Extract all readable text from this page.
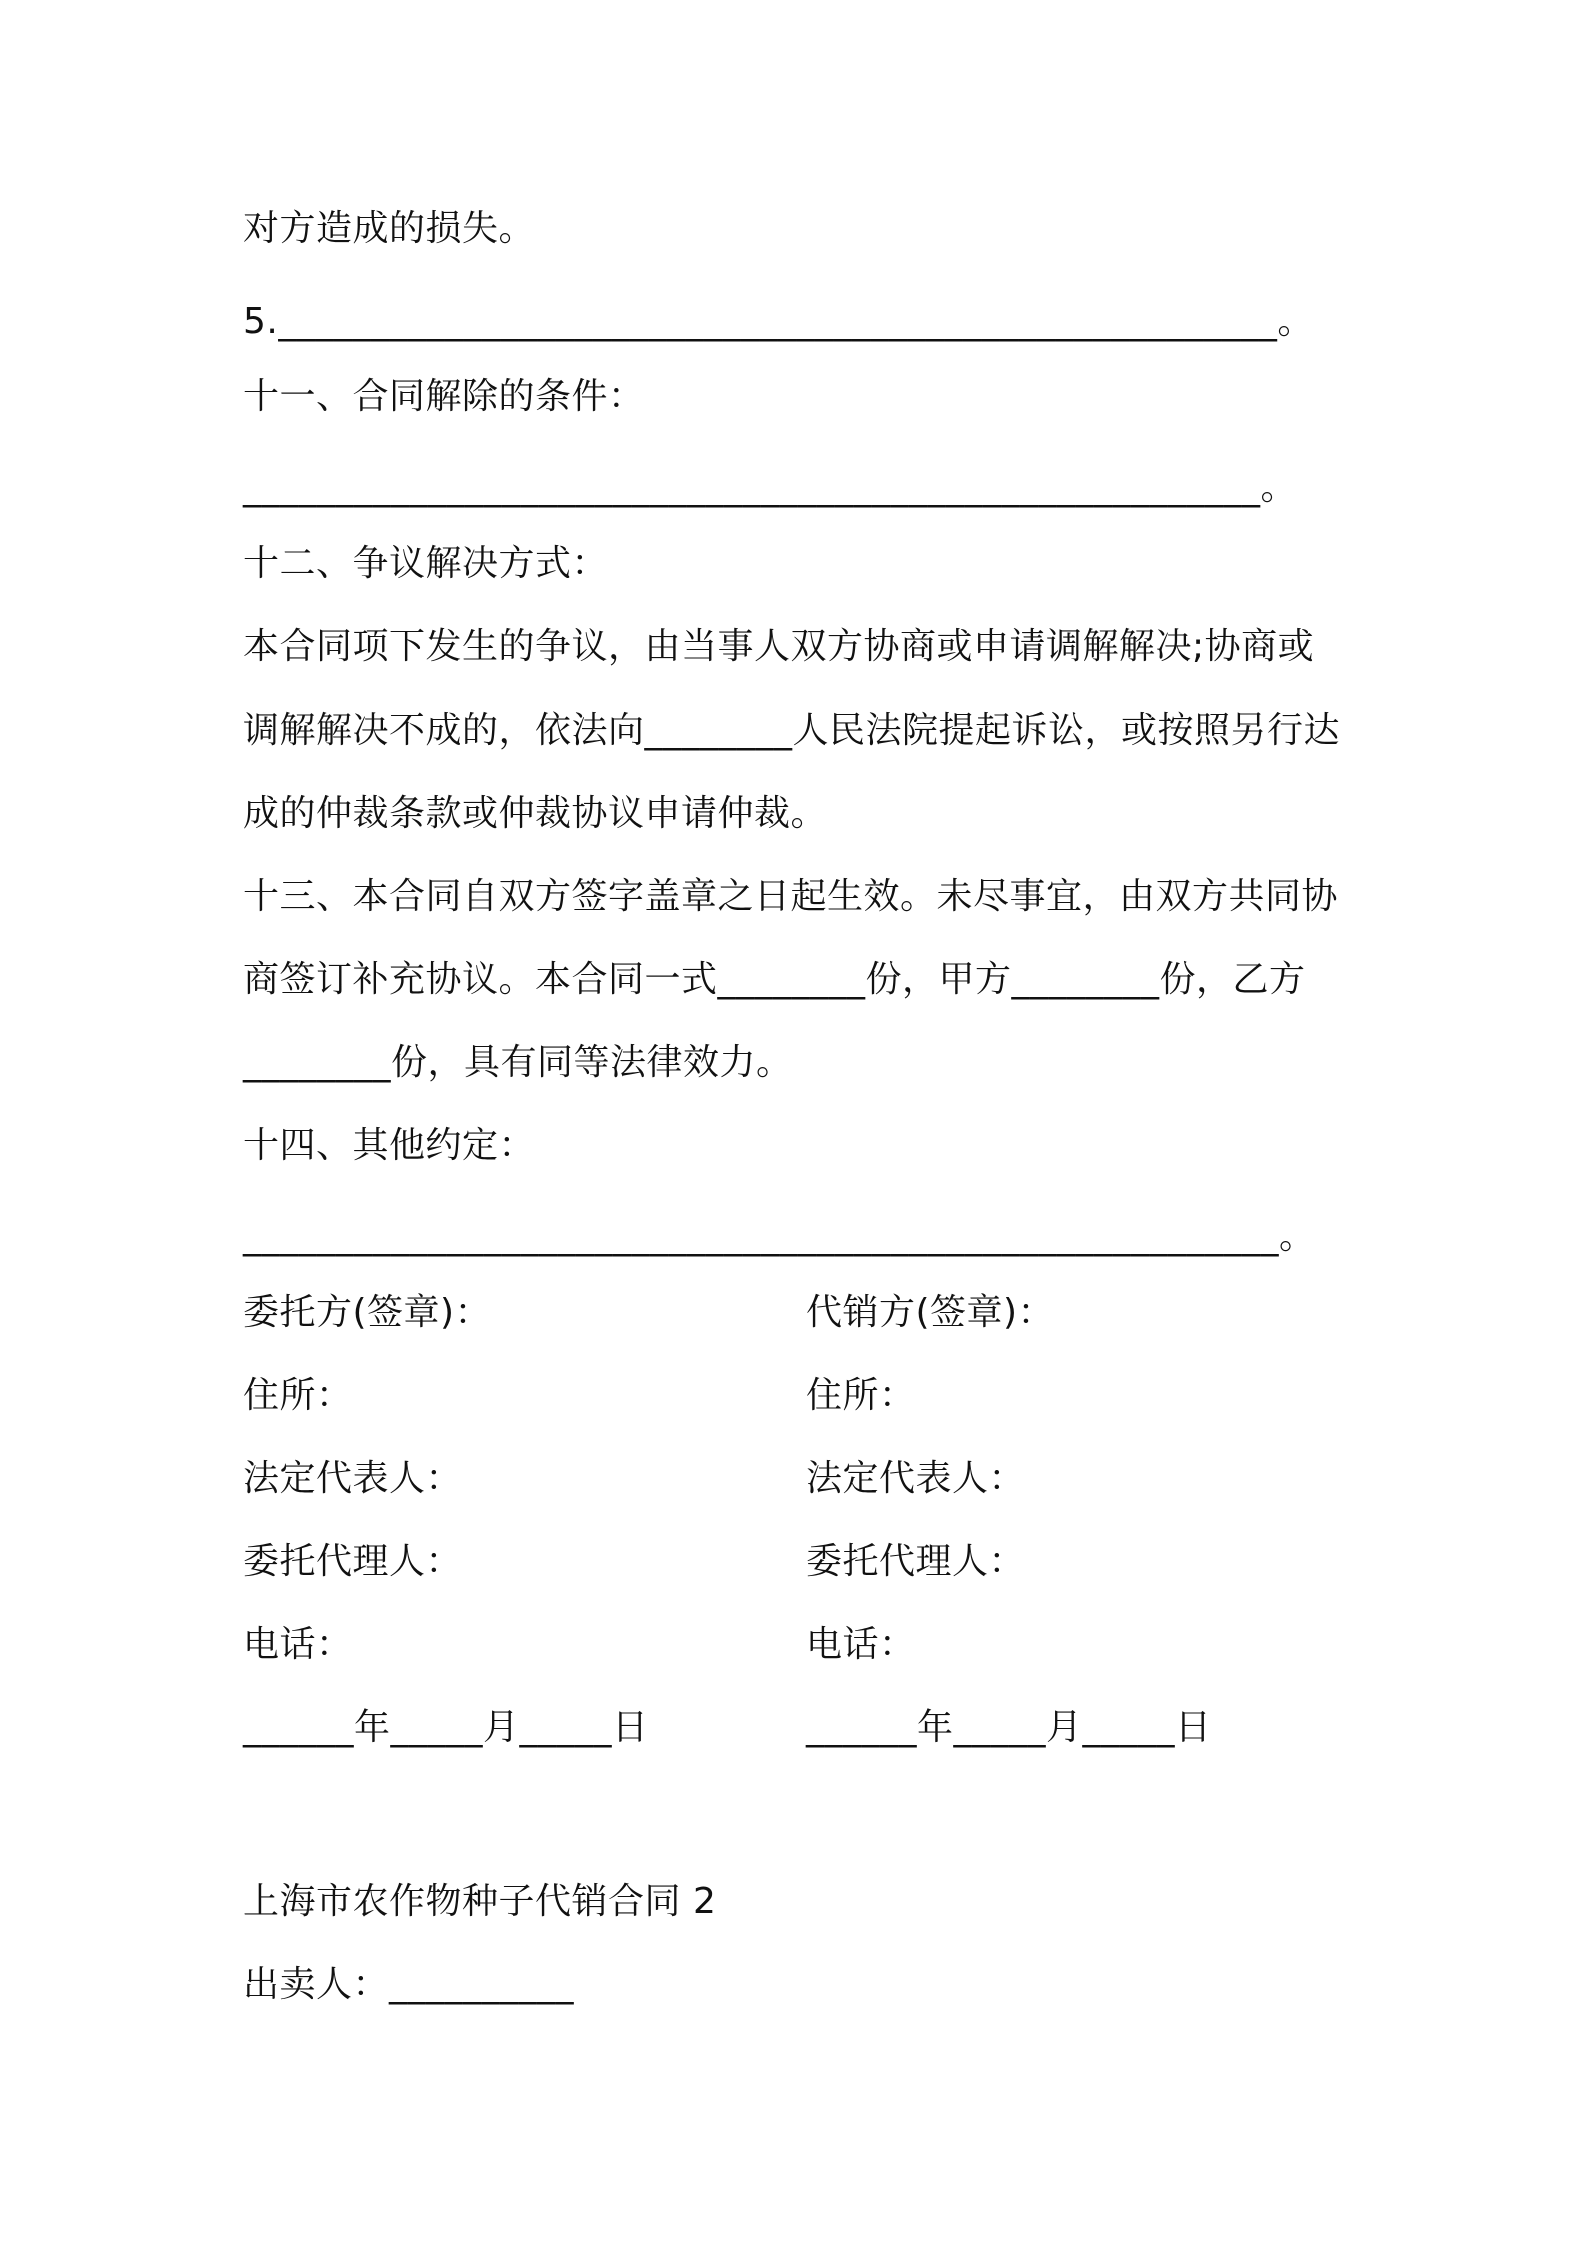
对方造成的损失。
5.______________________________________________________。
十一、合同解除的条件：
_______________________________________________________。
十二、争议解决方式：
本合同项下发生的争议，由当事人双方协商或申请调解解决;协商或
调解解决不成的，依法向________人民法院提起诉讼，或按照另行达
成的仲裁条款或仲裁协议申请仲裁。
十三、本合同自双方签字盖章之日起生效。未尽事宜，由双方共同协
商签订补充协议。本合同一式________份，甲方________份，乙方
________份，具有同等法律效力。
十四、其他约定：
________________________________________________________。
委托方(签章)：	代销方(签章)：
住所：	住所：
法定代表人：	法定代表人：
委托代理人：	委托代理人：
电话：	电话：
______年_____月_____日	______年_____月_____日
上海市农作物种子代销合同 2
出卖人：__________
